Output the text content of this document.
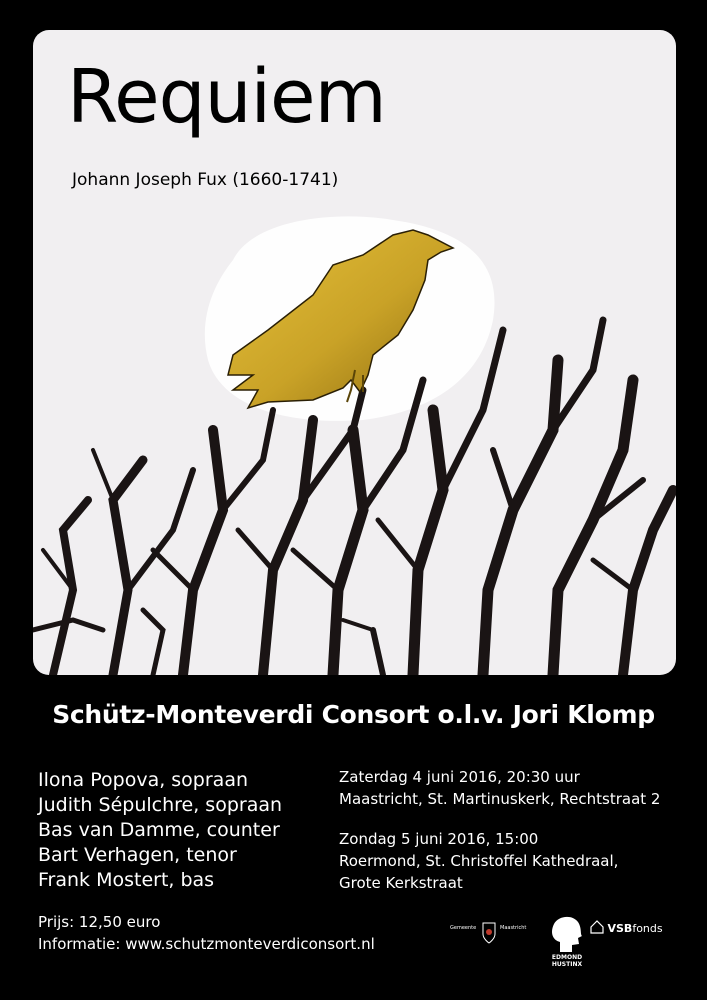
Requiem
Johann Joseph Fux (1660-1741)
Schütz-Monteverdi Consort o.l.v. Jori Klomp
Ilona Popova, sopraan
Judith Sépulchre, sopraan
Bas van Damme, counter
Bart Verhagen, tenor
Frank Mostert, bas
Zaterdag 4 juni 2016, 20:30 uur
Maastricht, St. Martinuskerk, Rechtstraat 2
Zondag 5 juni 2016, 15:00
Roermond, St. Christoffel Kathedraal,
Grote Kerkstraat
Prijs: 12,50 euro
Informatie: www.schutzmonteverdiconsort.nl
Gemeente	Maastricht
EDMOND
HUSTINX
VSBfonds
